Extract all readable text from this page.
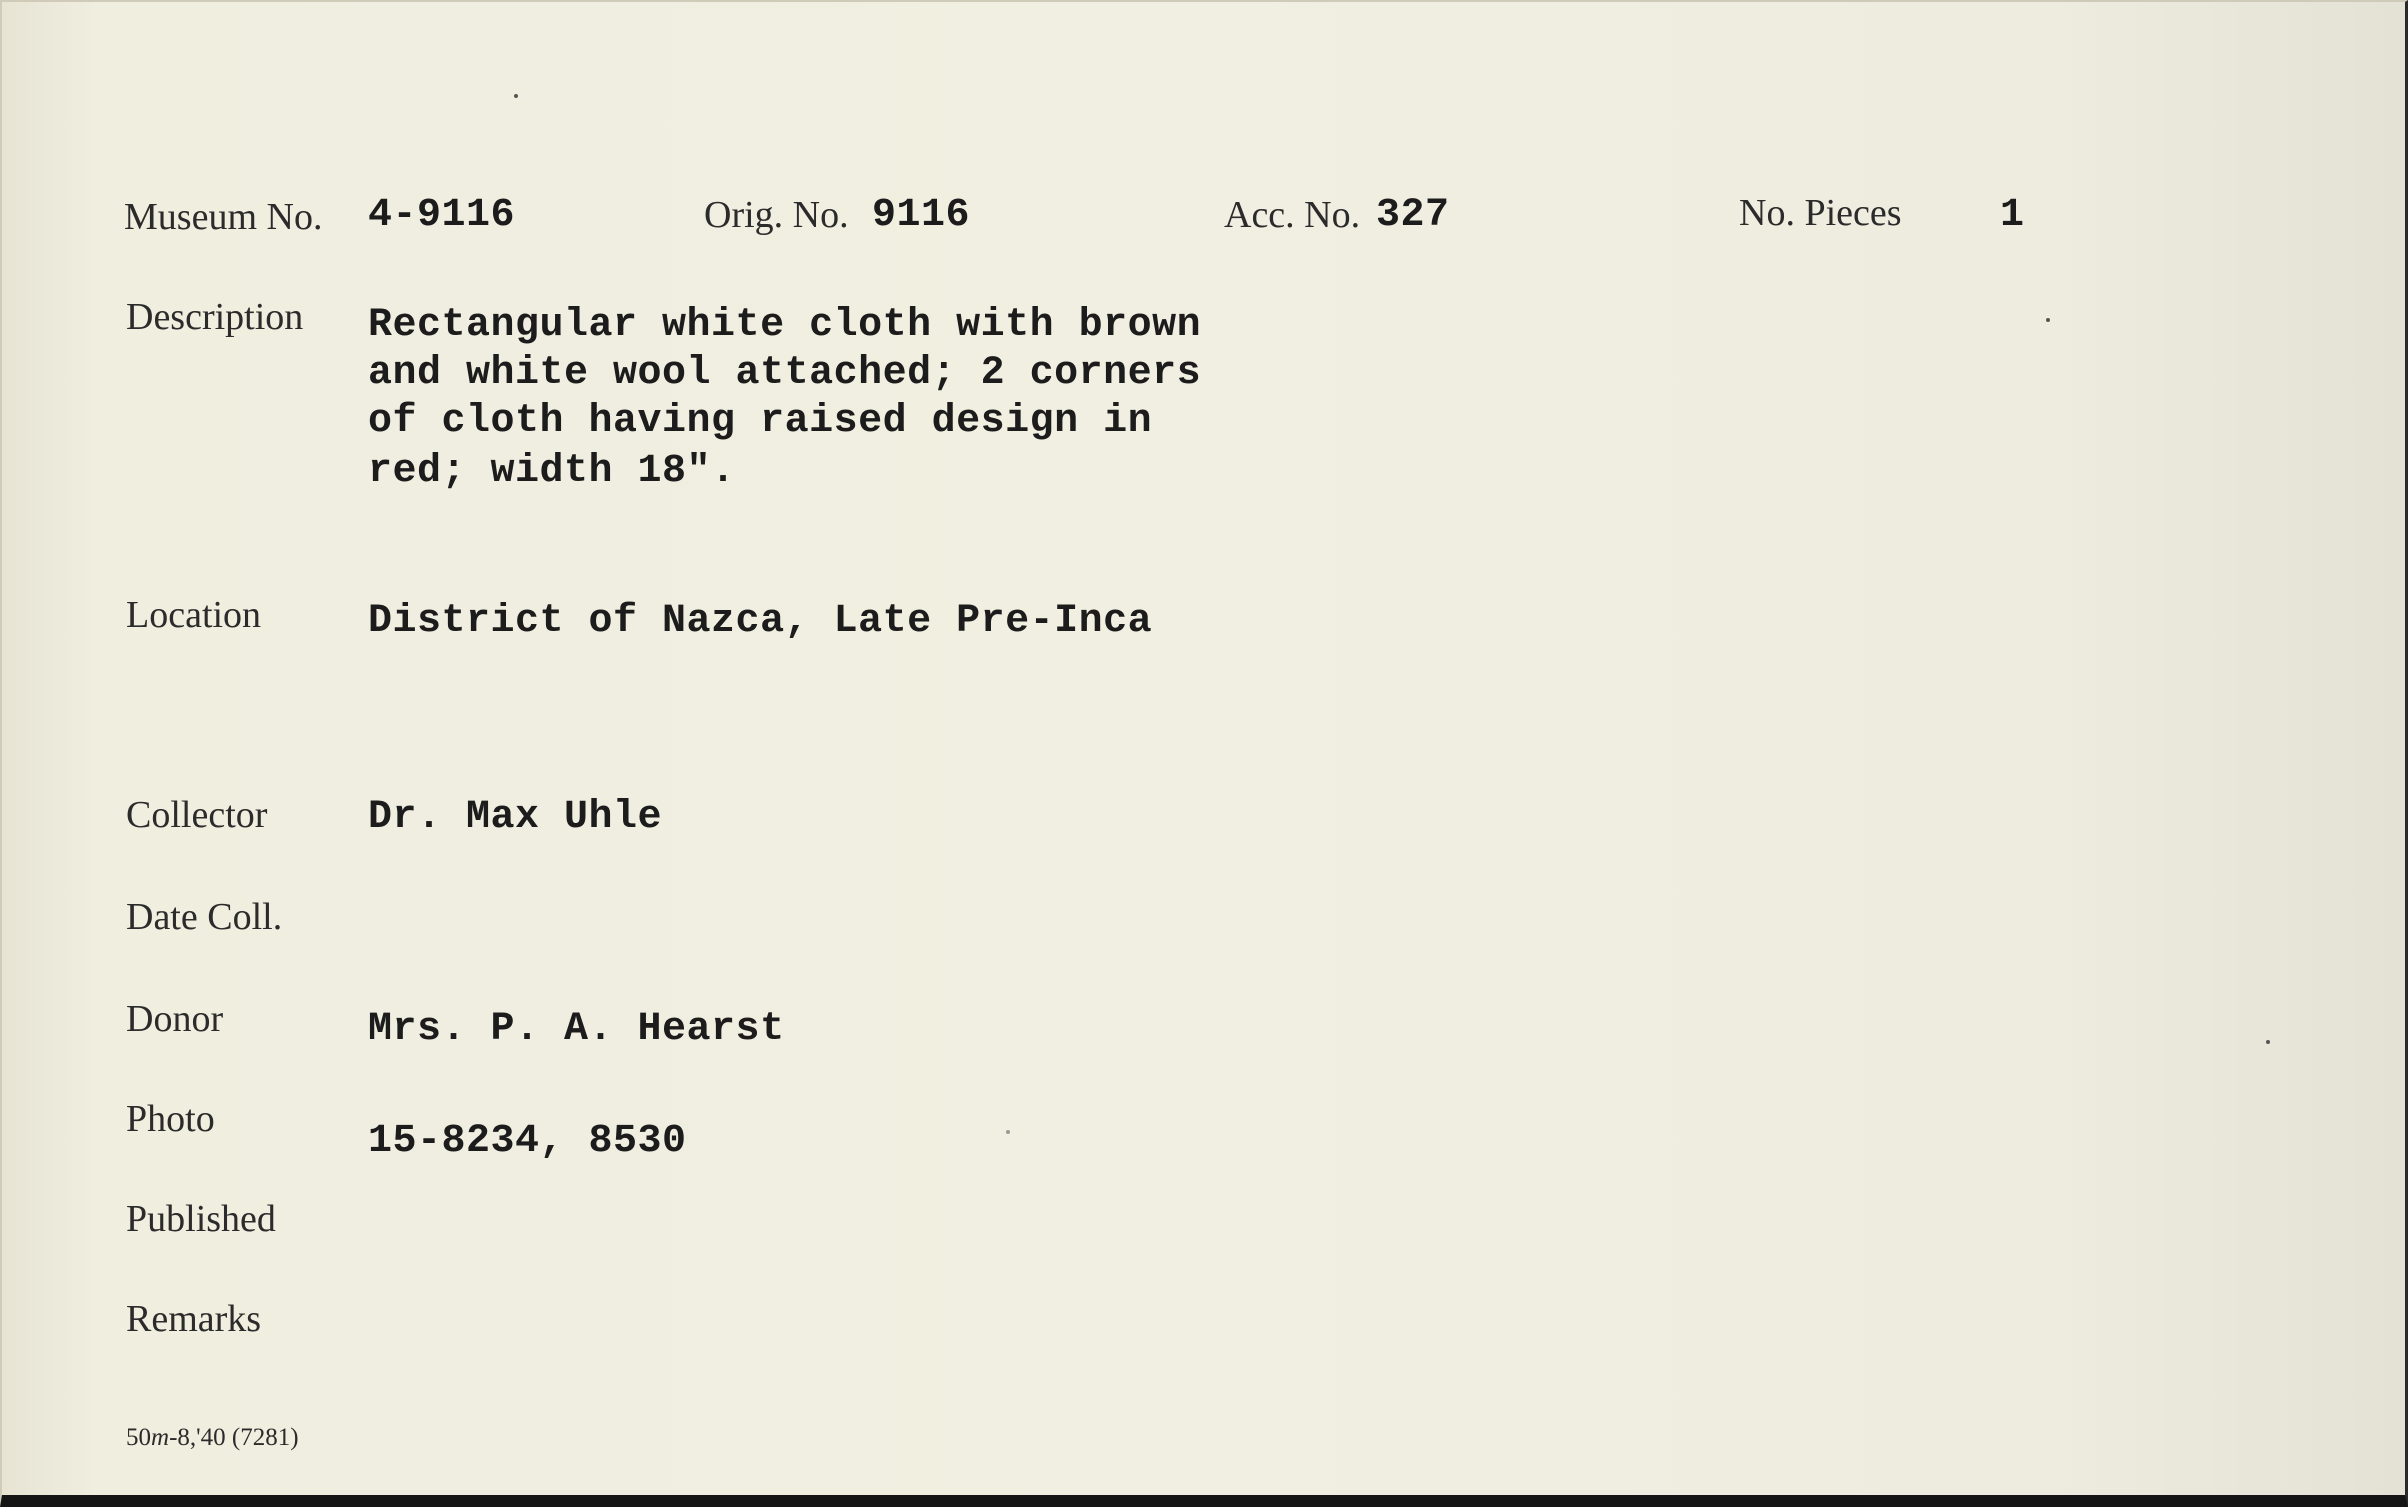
Museum No. 4-9116	Orig. No. 9116	Acc. No. 327	No. Pieces 1
Description Rectangular white cloth with brown
and white wool attached; 2 corners
of cloth having raised design in
red; width 18".
Location	District of Nazca, Late Pre-Inca
Collector	Dr. Max Uhle
Date Coll.
Donor	Mrs. P. A. Hearst
Photo	15-8234, 8530
Published
Remarks
50m-8,'40 (7281)
